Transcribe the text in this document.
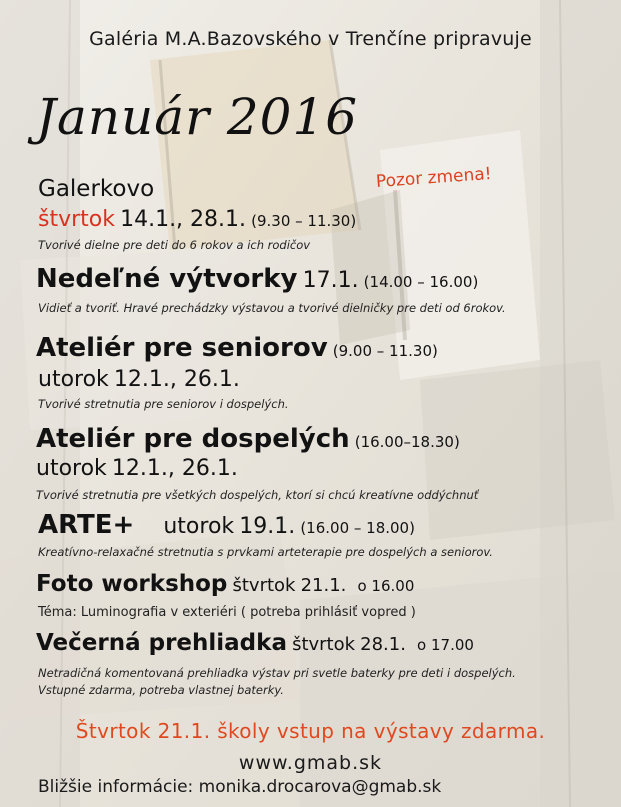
Galéria M.A.Bazovského v Trenčíne pripravuje
Január 2016
Pozor zmena!
Galerkovo
štvrtok 14.1., 28.1. (9.30 – 11.30)
Tvorivé dielne pre deti do 6 rokov a ich rodičov
Nedeľné výtvorky 17.1. (14.00 – 16.00)
Vidieť a tvoriť. Hravé prechádzky výstavou a tvorivé dielničky pre deti od 6rokov.
Ateliér pre seniorov (9.00 – 11.30)
utorok 12.1., 26.1.
Tvorivé stretnutia pre seniorov i dospelých.
Ateliér pre dospelých (16.00–18.30)
utorok 12.1., 26.1.
Tvorivé stretnutia pre všetkých dospelých, ktorí si chcú kreatívne oddýchnuť
ARTE+ utorok 19.1. (16.00 – 18.00)
Kreatívno-relaxačné stretnutia s prvkami arteterapie pre dospelých a seniorov.
Foto workshop štvrtok 21.1. o 16.00
Téma: Luminografia v exteriéri ( potreba prihlásiť vopred )
Večerná prehliadka štvrtok 28.1. o 17.00
Netradičná komentovaná prehliadka výstav pri svetle baterky pre deti i dospelých.
Vstupné zdarma, potreba vlastnej baterky.
Štvrtok 21.1. školy vstup na výstavy zdarma.
www.gmab.sk
Bližšie informácie: monika.drocarova@gmab.sk
